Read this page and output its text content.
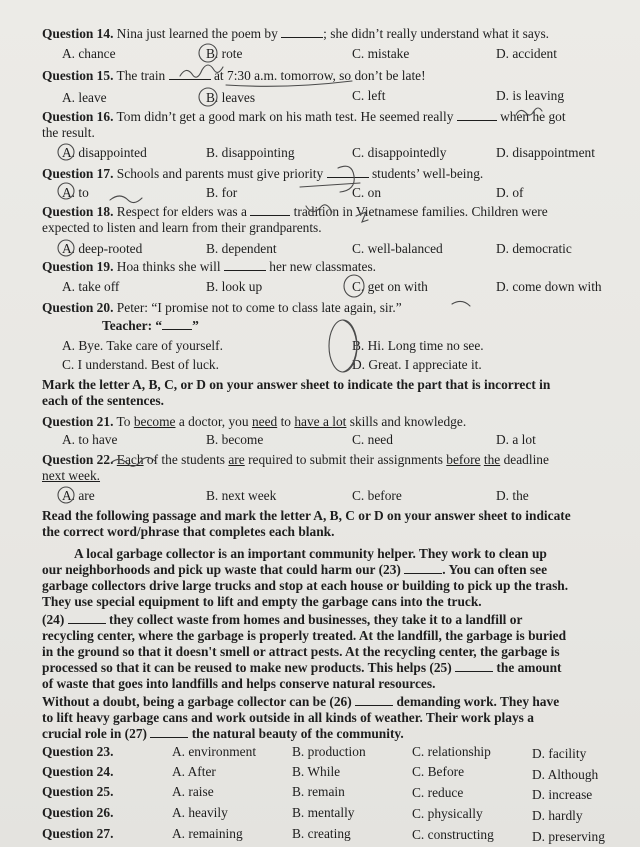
Question 14. Nina just learned the poem by	; she didn’t really understand what it says.
A. chance	B. rote	C. mistake	D. accident
Question 15. The train	at 7:30 a.m. tomorrow, so don’t be late!
A. leave	B. leaves	C. left	D. is leaving
Question 16. Tom didn’t get a good mark on his math test. He seemed really	when he got
the result.
A. disappointed	B. disappointing	C. disappointedly	D. disappointment
Question 17. Schools and parents must give priority	students’ well-being.
A. to	B. for	C. on	D. of
Question 18. Respect for elders was a	tradition in Vietnamese families. Children were
expected to listen and learn from their grandparents.
A. deep-rooted	B. dependent	C. well-balanced	D. democratic
Question 19. Hoa thinks she will	her new classmates.
A. take off	B. look up	C. get on with	D. come down with
Question 20. Peter: “I promise not to come to class late again, sir.”
Teacher: “ ”
A. Bye. Take care of yourself.	B. Hi. Long time no see.
C. I understand. Best of luck.	D. Great. I appreciate it.
Mark the letter A, B, C, or D on your answer sheet to indicate the part that is incorrect in
each of the sentences.
Question 21. To become a doctor, you need to have a lot skills and knowledge.
A. to have	B. become	C. need	D. a lot
Question 22. Each of the students are required to submit their assignments before the deadline
next week.
A. are	B. next week	C. before	D. the
Read the following passage and mark the letter A, B, C or D on your answer sheet to indicate
the correct word/phrase that completes each blank.
A local garbage collector is an important community helper. They work to clean up
our neighborhoods and pick up waste that could harm our (23)	. You can often see
garbage collectors drive large trucks and stop at each house or building to pick up the trash.
They use special equipment to lift and empty the garbage cans into the truck.
(24)	they collect waste from homes and businesses, they take it to a landfill or
recycling center, where the garbage is properly treated. At the landfill, the garbage is buried
in the ground so that it doesn't smell or attract pests. At the recycling center, the garbage is
processed so that it can be reused to make new products. This helps (25)	the amount
of waste that goes into landfills and helps conserve natural resources.
Without a doubt, being a garbage collector can be (26)	demanding work. They have
to lift heavy garbage cans and work outside in all kinds of weather. Their work plays a
crucial role in (27)	the natural beauty of the community.
Question 23.	A. environment	B. production	C. relationship	D. facility
Question 24.	A. After	B. While	C. Before	D. Although
Question 25.	A. raise	B. remain	C. reduce	D. increase
Question 26.	A. heavily	B. mentally	C. physically	D. hardly
Question 27.	A. remaining	B. creating	C. constructing	D. preserving
